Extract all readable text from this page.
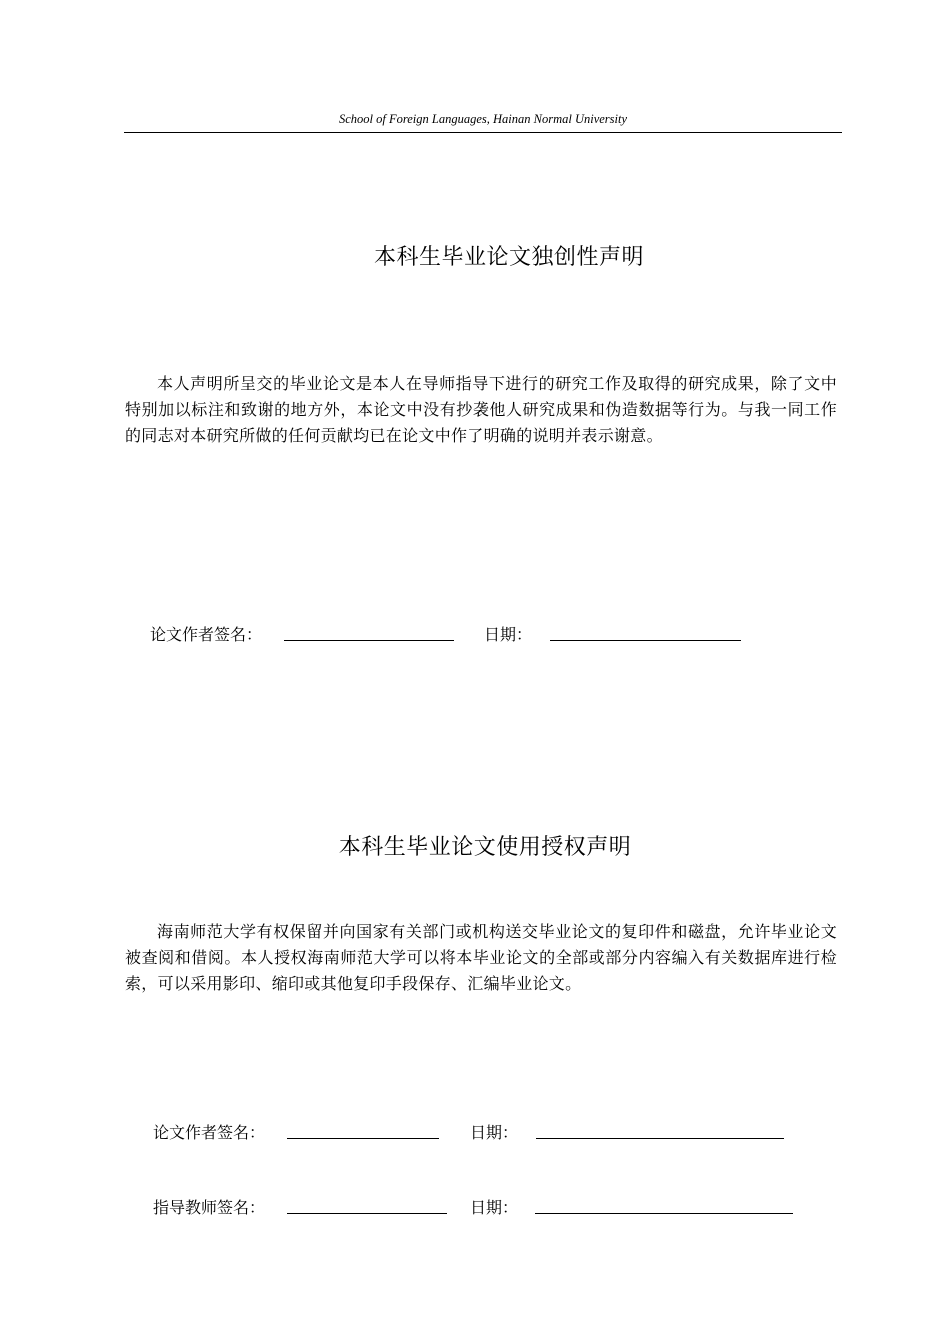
School of Foreign Languages, Hainan Normal University
本科生毕业论文独创性声明
本人声明所呈交的毕业论文是本人在导师指导下进行的研究工作及取得的研究成果，除了文中特别加以标注和致谢的地方外，本论文中没有抄袭他人研究成果和伪造数据等行为。与我一同工作的同志对本研究所做的任何贡献均已在论文中作了明确的说明并表示谢意。
论文作者签名：	日期：
本科生毕业论文使用授权声明
海南师范大学有权保留并向国家有关部门或机构送交毕业论文的复印件和磁盘，允许毕业论文被查阅和借阅。本人授权海南师范大学可以将本毕业论文的全部或部分内容编入有关数据库进行检索，可以采用影印、缩印或其他复印手段保存、汇编毕业论文。
论文作者签名：	日期：
指导教师签名：	日期：
